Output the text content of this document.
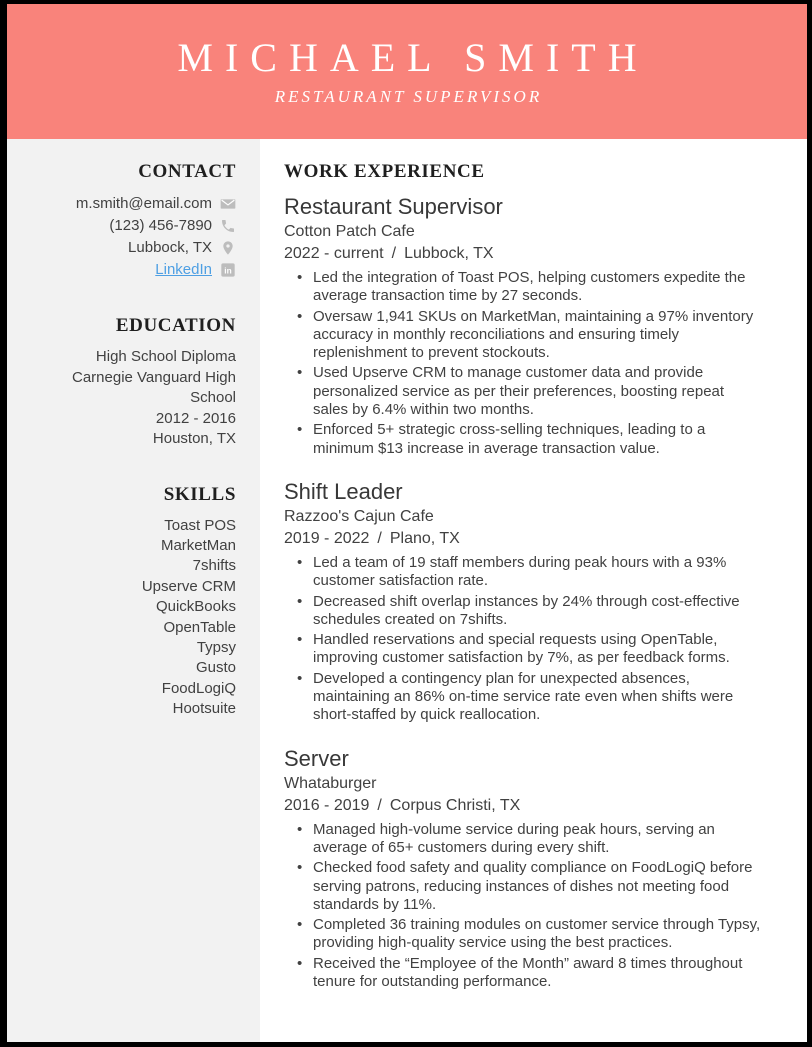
MICHAEL SMITH
RESTAURANT SUPERVISOR
CONTACT
m.smith@email.com
(123) 456-7890
Lubbock, TX
LinkedIn in
EDUCATION
High School Diploma
Carnegie Vanguard High School
2012 - 2016
Houston, TX
SKILLS
Toast POS
MarketMan
7shifts
Upserve CRM
QuickBooks
OpenTable
Typsy
Gusto
FoodLogiQ
Hootsuite
WORK EXPERIENCE
Restaurant Supervisor
Cotton Patch Cafe
2022 - current / Lubbock, TX
• Led the integration of Toast POS, helping customers expedite the average transaction time by 27 seconds.
• Oversaw 1,941 SKUs on MarketMan, maintaining a 97% inventory accuracy in monthly reconciliations and ensuring timely replenishment to prevent stockouts.
• Used Upserve CRM to manage customer data and provide personalized service as per their preferences, boosting repeat sales by 6.4% within two months.
• Enforced 5+ strategic cross-selling techniques, leading to a minimum $13 increase in average transaction value.
Shift Leader
Razzoo's Cajun Cafe
2019 - 2022 / Plano, TX
• Led a team of 19 staff members during peak hours with a 93% customer satisfaction rate.
• Decreased shift overlap instances by 24% through cost-effective schedules created on 7shifts.
• Handled reservations and special requests using OpenTable, improving customer satisfaction by 7%, as per feedback forms.
• Developed a contingency plan for unexpected absences, maintaining an 86% on-time service rate even when shifts were short-staffed by quick reallocation.
Server
Whataburger
2016 - 2019 / Corpus Christi, TX
• Managed high-volume service during peak hours, serving an average of 65+ customers during every shift.
• Checked food safety and quality compliance on FoodLogiQ before serving patrons, reducing instances of dishes not meeting food standards by 11%.
• Completed 36 training modules on customer service through Typsy, providing high-quality service using the best practices.
• Received the “Employee of the Month” award 8 times throughout tenure for outstanding performance.
